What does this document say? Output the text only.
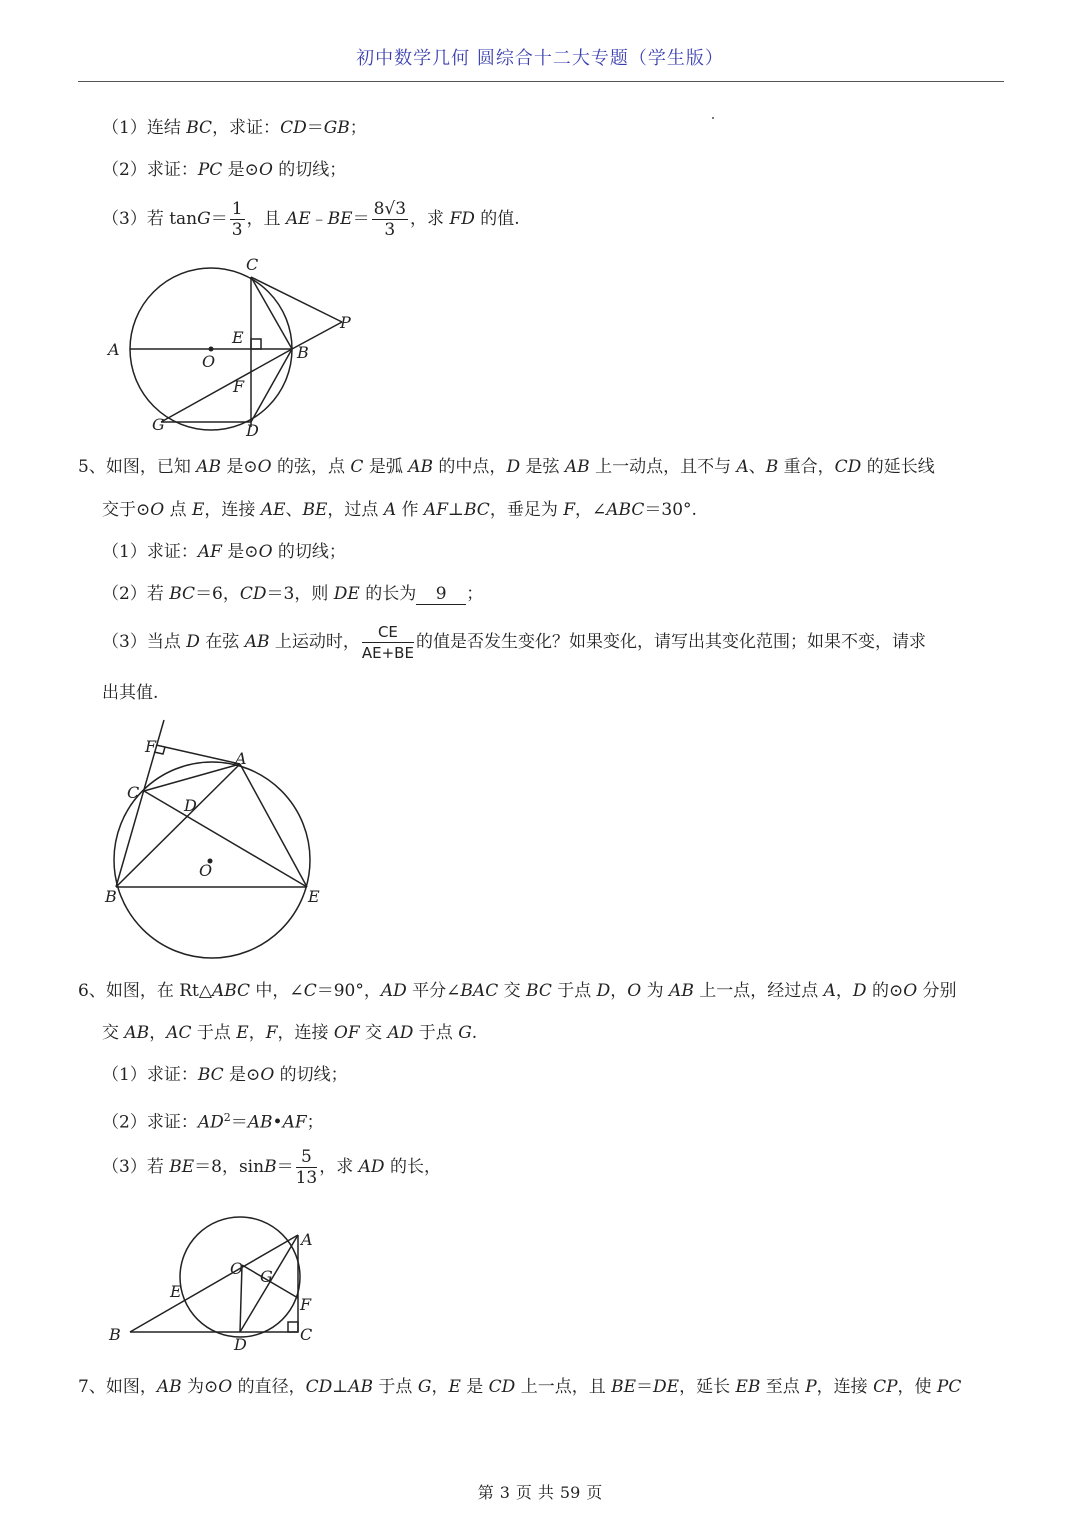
初中数学几何 圆综合十二大专题（学生版）
（1）连结 BC，求证：CD＝GB；
（2）求证：PC 是⊙O 的切线；
（3）若 $\tan G= \frac{1}{3}$ ，且 AE﹣BE＝ $\frac{8√3}{3}$ ，求 FD 的值.
C
P
A
O
E
B
F
G	D
5、如图，已知 AB 是⊙O 的弦，点 C 是弧 AB 的中点，D 是弦 AB 上一动点，且不与 A、B 重合，CD 的延长线
交于⊙O 点 E，连接 AE、BE，过点 A 作 AF⊥BC，垂足为 F，∠ABC＝30°.
（1）求证：AF 是⊙O 的切线；
（2）若 BC＝6，CD＝3，则 DE 的长为 9 ；
（3）当点 D 在弦 AB 上运动时， $\frac{CE}{AE+BE}$ 的值是否发生变化？如果变化，请写出其变化范围；如果不变，请求
出其值.
F
A
C
D
O
B	E
6、如图，在 Rt△ABC 中，∠C＝90°，AD 平分∠BAC 交 BC 于点 D，O 为 AB 上一点，经过点 A，D 的⊙O 分别
交 AB，AC 于点 E，F，连接 OF 交 AD 于点 G.
（1）求证：BC 是⊙O 的切线；
（2）求证：$AD^2=AB•AF$；
（3）若 BE＝8，$\sin B= \frac{5}{13}$ ，求 AD 的长，
A
O G
E
F
B
D
C
7、如图，AB 为⊙O 的直径，CD⊥AB 于点 G，E 是 CD 上一点，且 BE＝DE，延长 EB 至点 P，连接 CP，使 PC
第 3 页 共 59 页
